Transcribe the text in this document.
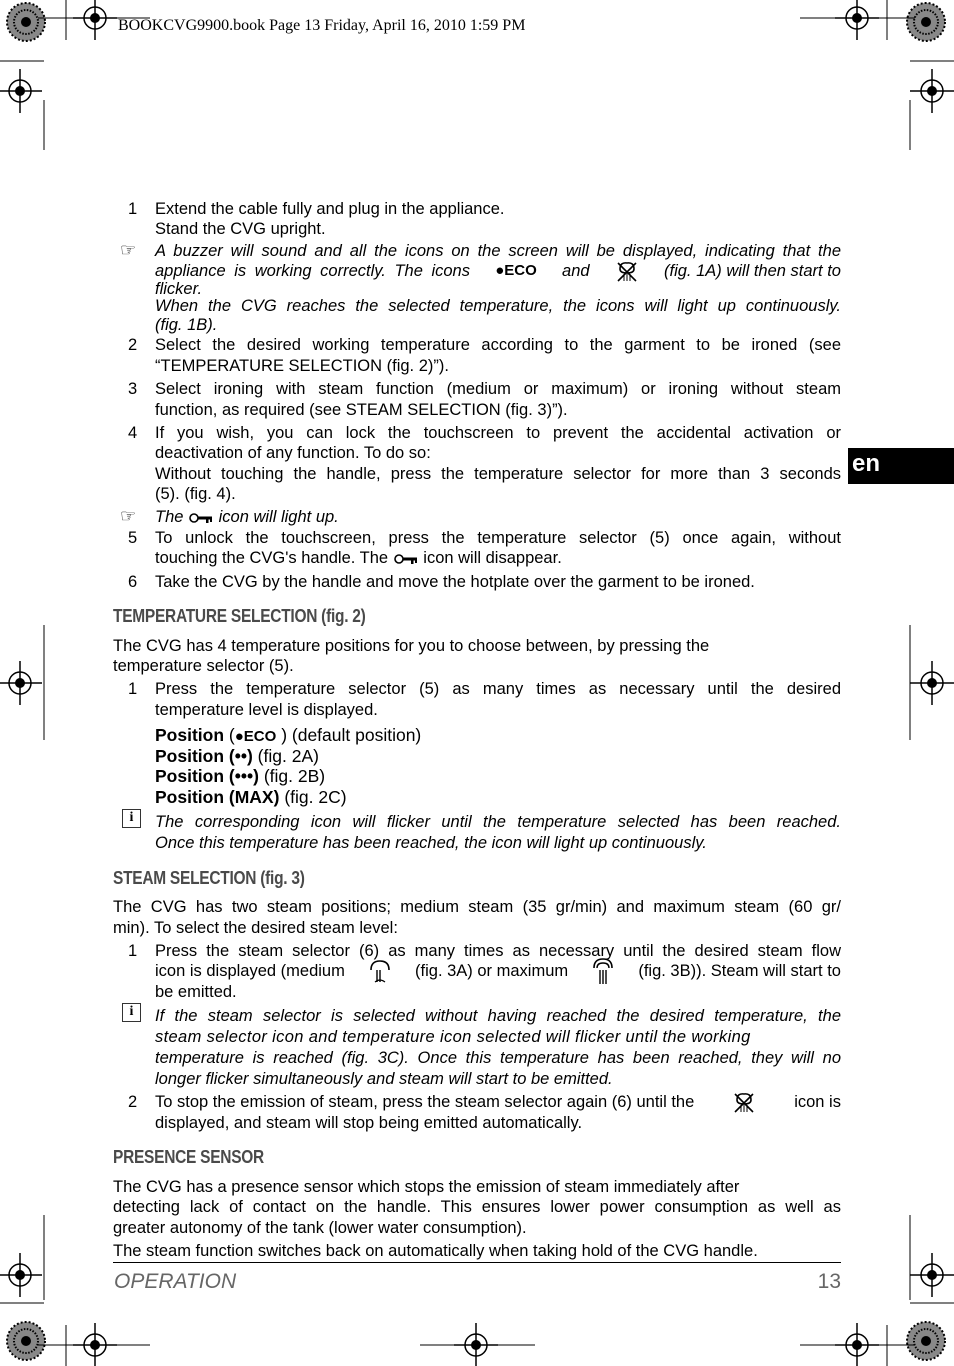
BOOKCVG9900.book Page 13 Friday, April 16, 2010 1:59 PM
en
1 Extend the cable fully and plug in the appliance.
Stand the CVG upright.
☞ A buzzer will sound and all the icons on the screen will be displayed, indicating that the
appliance is working correctly. The icons ●ECO and	(fig. 1A) will then start to
flicker.
When the CVG reaches the selected temperature, the icons will light up continuously.
(fig. 1B).
2 Select the desired working temperature according to the garment to be ironed (see
“TEMPERATURE SELECTION (fig. 2)”).
3 Select ironing with steam function (medium or maximum) or ironing without steam
function, as required (see STEAM SELECTION (fig. 3)”).
4 If you wish, you can lock the touchscreen to prevent the accidental activation or
deactivation of any function. To do so:
Without touching the handle, press the temperature selector for more than 3 seconds
(5). (fig. 4).
☞ The icon will light up.
5 To unlock the touchscreen, press the temperature selector (5) once again, without
touching the CVG's handle. The icon will disappear.
6 Take the CVG by the handle and move the hotplate over the garment to be ironed.
TEMPERATURE SELECTION (fig. 2)
The CVG has 4 temperature positions for you to choose between, by pressing the
temperature selector (5).
1 Press the temperature selector (5) as many times as necessary until the desired
temperature level is displayed.
Position (●ECO ) (default position)
Position (••) (fig. 2A)
Position (•••) (fig. 2B)
Position (MAX) (fig. 2C)
i	The corresponding icon will flicker until the temperature selected has been reached.
Once this temperature has been reached, the icon will light up continuously.
STEAM SELECTION (fig. 3)
The CVG has two steam positions; medium steam (35 gr/min) and maximum steam (60 gr/
min). To select the desired steam level:
1 Press the steam selector (6) as many times as necessary until the desired steam flow
icon is displayed (medium	(fig. 3A) or maximum	(fig. 3B)). Steam will start to
be emitted.
i	If the steam selector is selected without having reached the desired temperature, the
steam selector icon and temperature icon selected will flicker until the working
temperature is reached (fig. 3C). Once this temperature has been reached, they will no
longer flicker simultaneously and steam will start to be emitted.
2 To stop the emission of steam, press the steam selector again (6) until the	icon is
displayed, and steam will stop being emitted automatically.
PRESENCE SENSOR
The CVG has a presence sensor which stops the emission of steam immediately after
detecting lack of contact on the handle. This ensures lower power consumption as well as
greater autonomy of the tank (lower water consumption).
The steam function switches back on automatically when taking hold of the CVG handle.
OPERATION	13
